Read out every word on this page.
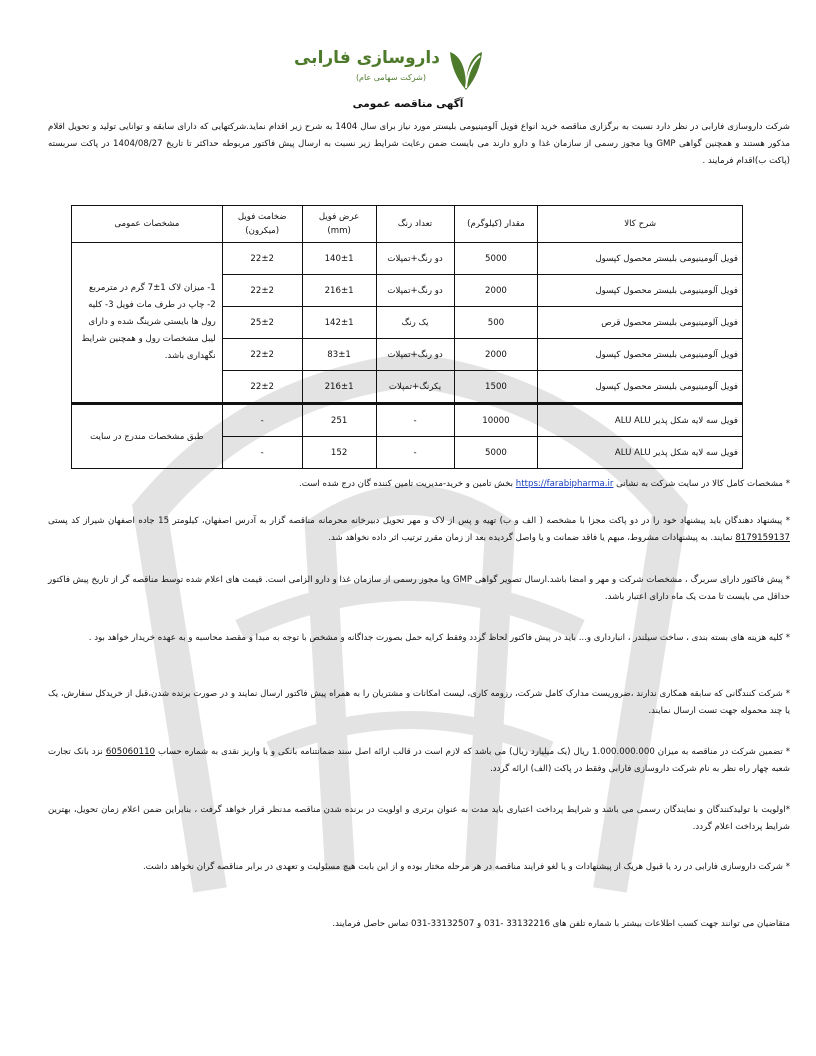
داروسازی فارابی
(شرکت سهامی عام)
آگهی مناقصه عمومی
شرکت داروسازی فارابی در نظر دارد نسبت به برگزاری مناقصه خرید انواع فویل آلومینیومی بلیستر مورد نیاز برای سال 1404 به شرح زیر اقدام نماید.شرکتهایی که دارای سابقه و توانایی تولید و تحویل اقلام مذکور هستند و همچنین گواهی GMP ویا مجوز رسمی از سازمان غذا و دارو دارند می بایست ضمن رعایت شرایط زیر نسبت به ارسال پیش فاکتور مربوطه حداکثر تا تاریخ 1404/08/27 در پاکت سربسته (پاکت ب)اقدام فرمایند .
شرح کالا	مقدار (کیلوگرم)	تعداد رنگ	عرض فویل (mm)	ضخامت فویل (میکرون)	مشخصات عمومی
فویل آلومینیومی بلیستر محصول کپسول	5000	دو رنگ+تمپلات	140±1	22±2	1- میزان لاک 1±7 گرم در مترمربع 2- چاپ در طرف مات فویل 3- کلیه رول ها بایستی شرینگ شده و دارای لیبل مشخصات رول و همچنین شرایط نگهداری باشد.
فویل آلومینیومی بلیستر محصول کپسول	2000	دو رنگ+تمپلات	216±1	22±2	
فویل آلومینیومی بلیستر محصول قرص	500	یک رنگ	142±1	25±2	
فویل آلومینیومی بلیستر محصول کپسول	2000	دو رنگ+تمپلات	83±1	22±2	
فویل آلومینیومی بلیستر محصول کپسول	1500	یکرنگ+تمپلات	216±1	22±2	
فویل سه لایه شکل پذیر ALU ALU	10000	-	251	-	طبق مشخصات مندرج در سایت
فویل سه لایه شکل پذیر ALU ALU	5000	-	152	-	
* مشخصات کامل کالا در سایت شرکت به نشانی https://farabipharma.ir بخش تامین و خرید-مدیریت تامین کننده گان درج شده است.
* پیشنهاد دهندگان باید پیشنهاد خود را در دو پاکت مجزا با مشخصه ( الف و ب) تهیه و پس از لاک و مهر تحویل دبیرخانه محرمانه مناقصه گزار به آدرس اصفهان، کیلومتر 15 جاده اصفهان شیراز کد پستی 8179159137 نمایند. به پیشنهادات مشروط، مبهم یا فاقد ضمانت و یا واصل گردیده بعد از زمان مقرر ترتیب اثر داده نخواهد شد.
* پیش فاکتور دارای سربرگ ، مشخصات شرکت و مهر و امضا باشد.ارسال تصویر گواهی GMP ویا مجوز رسمی از سازمان غذا و دارو الزامی است. قیمت های اعلام شده توسط مناقصه گر از تاریخ پیش فاکتور حداقل می بایست تا مدت یک ماه دارای اعتبار باشد.
* کلیه هزینه های بسته بندی ، ساخت سیلندر ، انبارداری و... باید در پیش فاکتور لحاظ گردد وفقط کرایه حمل بصورت جداگانه و مشخص با توجه به مبدا و مقصد محاسبه و به عهده خریدار خواهد بود .
* شرکت کنندگانی که سابقه همکاری ندارند ،ضروریست مدارک کامل شرکت، رزومه کاری، لیست امکانات و مشتریان را به همراه پیش فاکتور ارسال نمایند و در صورت برنده شدن،قبل از خریدکل سفارش، یک یا چند محموله جهت تست ارسال نمایند.
* تضمین شرکت در مناقصه به میزان 1.000.000.000 ریال (یک میلیارد ریال) می باشد که لازم است در قالب ارائه اصل سند ضمانتنامه بانکی و یا واریز نقدی به شماره حساب 605060110 نزد بانک تجارت شعبه چهار راه نظر به نام شرکت داروسازی فارابی وفقط در پاکت (الف) ارائه گردد.
*اولویت با تولیدکنندگان و نمایندگان رسمی می باشد و شرایط پرداخت اعتباری باید مدت به عنوان برتری و اولویت در برنده شدن مناقصه مدنظر قرار خواهد گرفت ، بنابراین ضمن اعلام زمان تحویل، بهترین شرایط پرداخت اعلام گردد.
* شرکت داروسازی فارابی در رد یا قبول هریک از پیشنهادات و یا لغو فرایند مناقصه در هر مرحله مختار بوده و از این بابت هیچ مسئولیت و تعهدی در برابر مناقصه گران نخواهد داشت.
متقاضیان می توانند جهت کسب اطلاعات بیشتر با شماره تلفن های 33132216 -031 و 33132507-031 تماس حاصل فرمایند.
